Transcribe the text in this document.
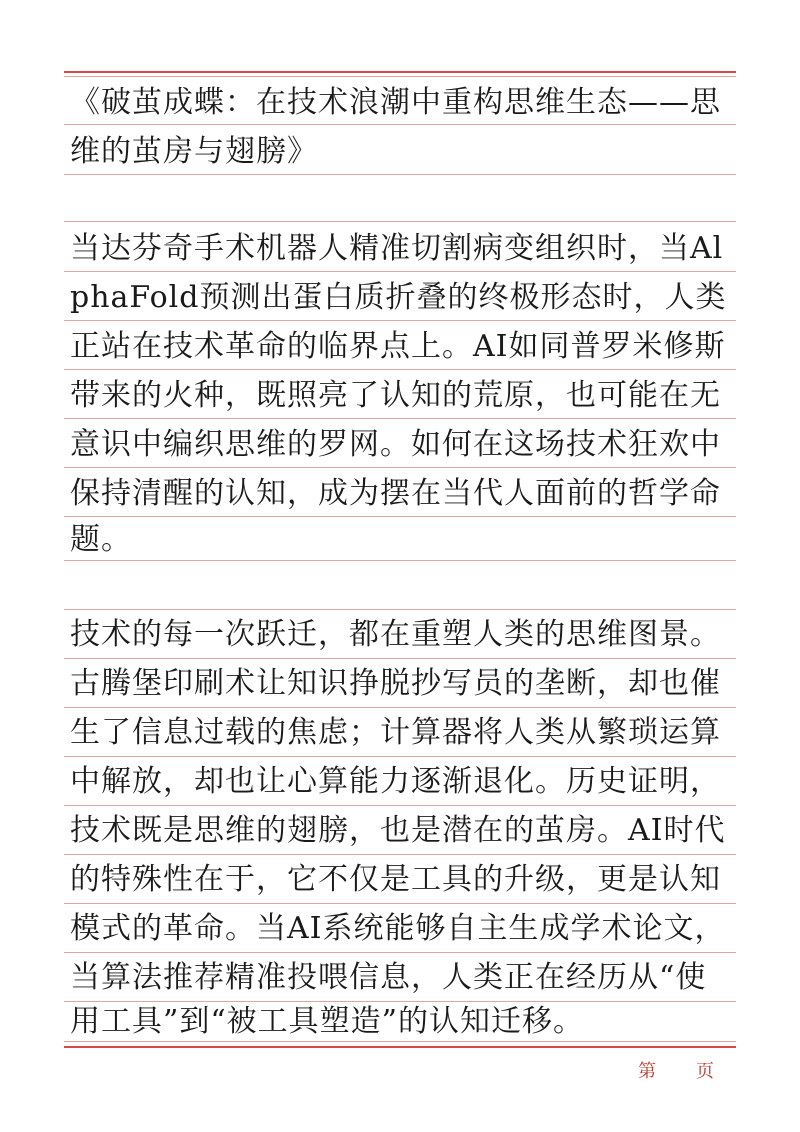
《破茧成蝶：在技术浪潮中重构思维生态——思
维的茧房与翅膀》
当达芬奇手术机器人精准切割病变组织时，当Al
phaFold预测出蛋白质折叠的终极形态时，人类
正站在技术革命的临界点上。AI如同普罗米修斯
带来的火种，既照亮了认知的荒原，也可能在无
意识中编织思维的罗网。如何在这场技术狂欢中
保持清醒的认知，成为摆在当代人面前的哲学命
题。
技术的每一次跃迁，都在重塑人类的思维图景。
古腾堡印刷术让知识挣脱抄写员的垄断，却也催
生了信息过载的焦虑；计算器将人类从繁琐运算
中解放，却也让心算能力逐渐退化。历史证明，
技术既是思维的翅膀，也是潜在的茧房。AI时代
的特殊性在于，它不仅是工具的升级，更是认知
模式的革命。当AI系统能够自主生成学术论文，
当算法推荐精准投喂信息，人类正在经历从“使
用工具”到“被工具塑造”的认知迁移。
第 页
